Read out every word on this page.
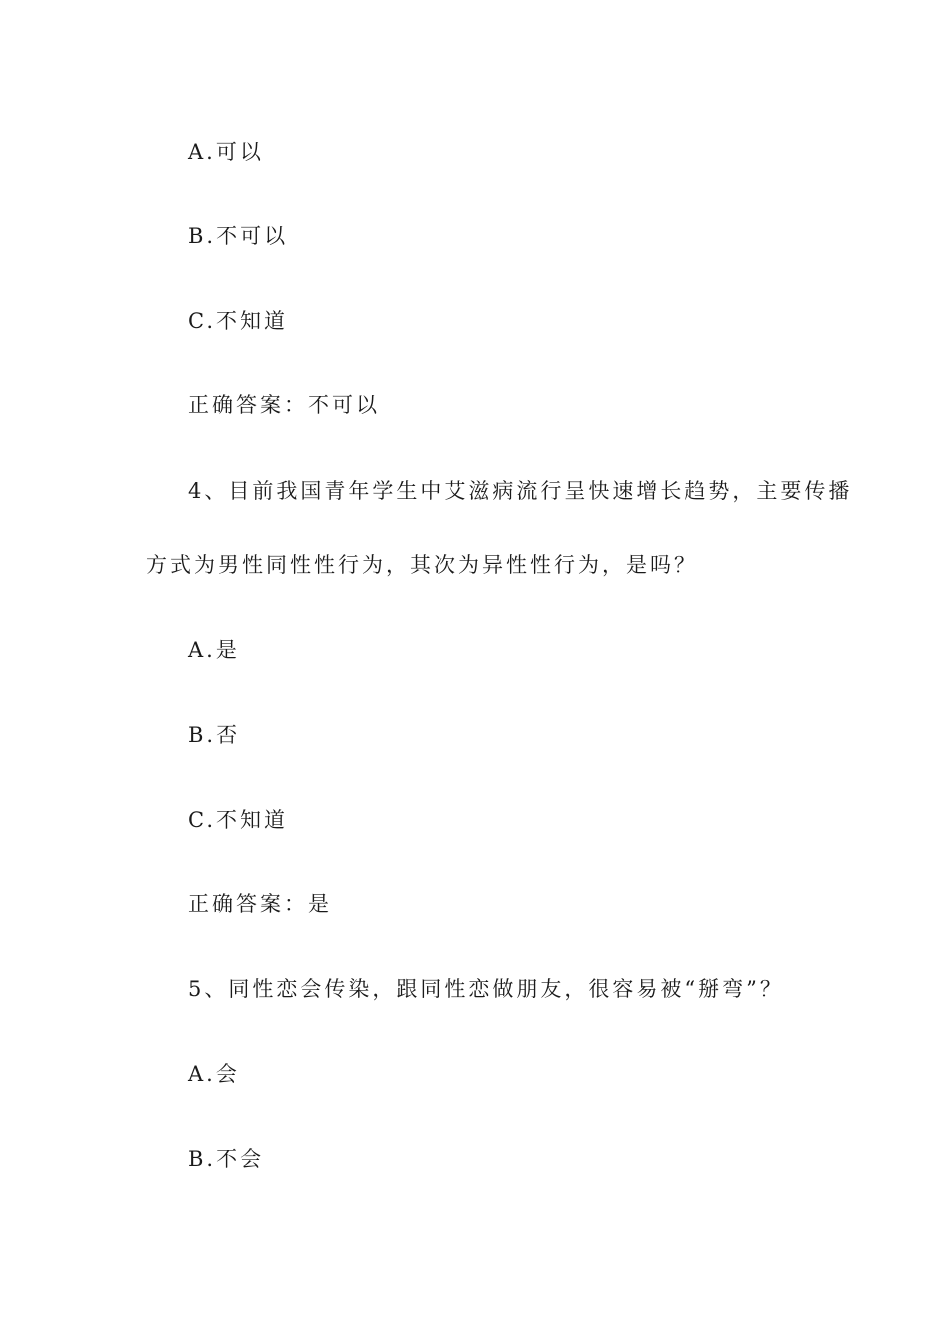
A.可以
B.不可以
C.不知道
正确答案：不可以
4、目前我国青年学生中艾滋病流行呈快速增长趋势，主要传播
方式为男性同性性行为，其次为异性性行为，是吗？
A.是
B.否
C.不知道
正确答案：是
5、同性恋会传染，跟同性恋做朋友，很容易被“掰弯”？
A.会
B.不会
